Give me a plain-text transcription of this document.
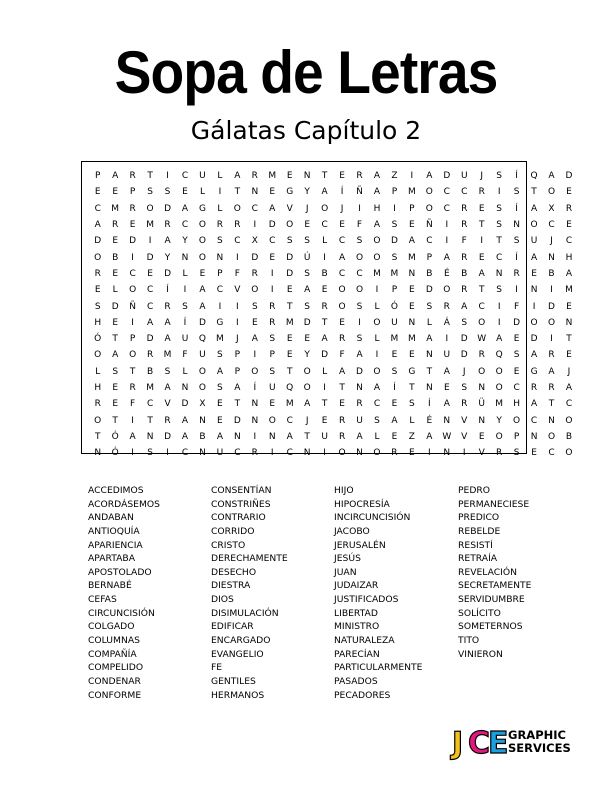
Sopa de Letras
Gálatas Capítulo 2
P	A	R	T	I	C	U	L	A	R	M	E	N	T	E	R	A	Z	I	A	D	U	J	S	Í	Q	A	D
E	E	P	S	S	E	L	I	T	N	E	G	Y	A	Í	Ñ	A	P	M	O	C	C	R	I	S	T	O	E
C	M	R	O	D	A	G	L	O	C	A	V	J	O	J	I	H	I	P	O	C	R	E	S	Í	A	X	R
A	R	E	M	R	C	O	R	R	I	D	O	E	C	E	F	A	S	E	Ñ	I	R	T	S	N	O	C	E
D	E	D	I	A	Y	O	S	C	X	C	S	S	L	C	S	O	D	A	C	I	F	I	T	S	U	J	C
O	B	I	D	Y	N	O	N	I	D	E	D	Ú	I	A	O	O	S	M	P	A	R	E	C	Í	A	N	H
R	E	C	E	D	L	E	P	F	R	I	D	S	B	C	C	M	M	N	B	É	B	A	N	R	E	B	A
E	L	O	C	Í	I	A	C	V	O	I	E	A	E	O	O	I	P	E	D	O	R	T	S	I	N	I	M
S	D	Ñ	C	R	S	A	I	I	S	R	T	S	R	O	S	L	Ó	E	S	R	A	C	I	F	I	D	E
H	E	I	A	A	Í	D	G	I	E	R	M	D	T	E	I	O	U	N	L	Á	S	O	I	D	O	O	N
Ó	T	P	D	A	U	Q	M	J	A	S	E	E	A	R	S	L	M	M	A	I	D	W	A	E	D	I	T
O	A	O	R	M	F	U	S	P	I	P	E	Y	D	F	A	I	E	E	N	U	D	R	Q	S	A	R	E
L	S	T	B	S	L	O	A	P	O	S	T	O	L	A	D	O	S	G	T	A	J	O	O	E	G	A	J
H	E	R	M	A	N	O	S	A	Í	U	Q	O	I	T	N	A	Í	T	N	E	S	N	O	C	R	R	A
R	E	F	C	V	D	X	E	T	N	E	M	A	T	E	R	C	E	S	Í	A	R	Ü	M	H	A	T	C
O	T	I	T	R	A	N	E	D	N	O	C	J	E	R	U	S	A	L	É	N	V	N	Y	O	C	N	O
T	Ó	A	N	D	A	B	A	N	I	N	A	T	U	R	A	L	E	Z	A	W	V	E	O	P	N	O	B
N	Ó	I	S	I	C	N	U	C	R	I	C	N	I	O	N	O	R	E	I	N	I	V	R	S	E	C	O
ACCEDIMOS
ACORDÁSEMOS
ANDABAN
ANTIOQUÍA
APARIENCIA
APARTABA
APOSTOLADO
BERNABÉ
CEFAS
CIRCUNCISIÓN
COLGADO
COLUMNAS
COMPAÑÍA
COMPELIDO
CONDENAR
CONFORME
CONSENTÍAN
CONSTRIÑES
CONTRARIO
CORRIDO
CRISTO
DERECHAMENTE
DESECHO
DIESTRA
DIOS
DISIMULACIÓN
EDIFICAR
ENCARGADO
EVANGELIO
FE
GENTILES
HERMANOS
HIJO
HIPOCRESÍA
INCIRCUNCISIÓN
JACOBO
JERUSALÉN
JESÚS
JUAN
JUDAIZAR
JUSTIFICADOS
LIBERTAD
MINISTRO
NATURALEZA
PARECÍAN
PARTICULARMENTE
PASADOS
PECADORES
PEDRO
PERMANECIESE
PREDICO
REBELDE
RESISTÍ
RETRAÍA
REVELACIÓN
SECRETAMENTE
SERVIDUMBRE
SOLÍCITO
SOMETERNOS
TITO
VINIERON
J C
E GRAPHIC
SERVICES
